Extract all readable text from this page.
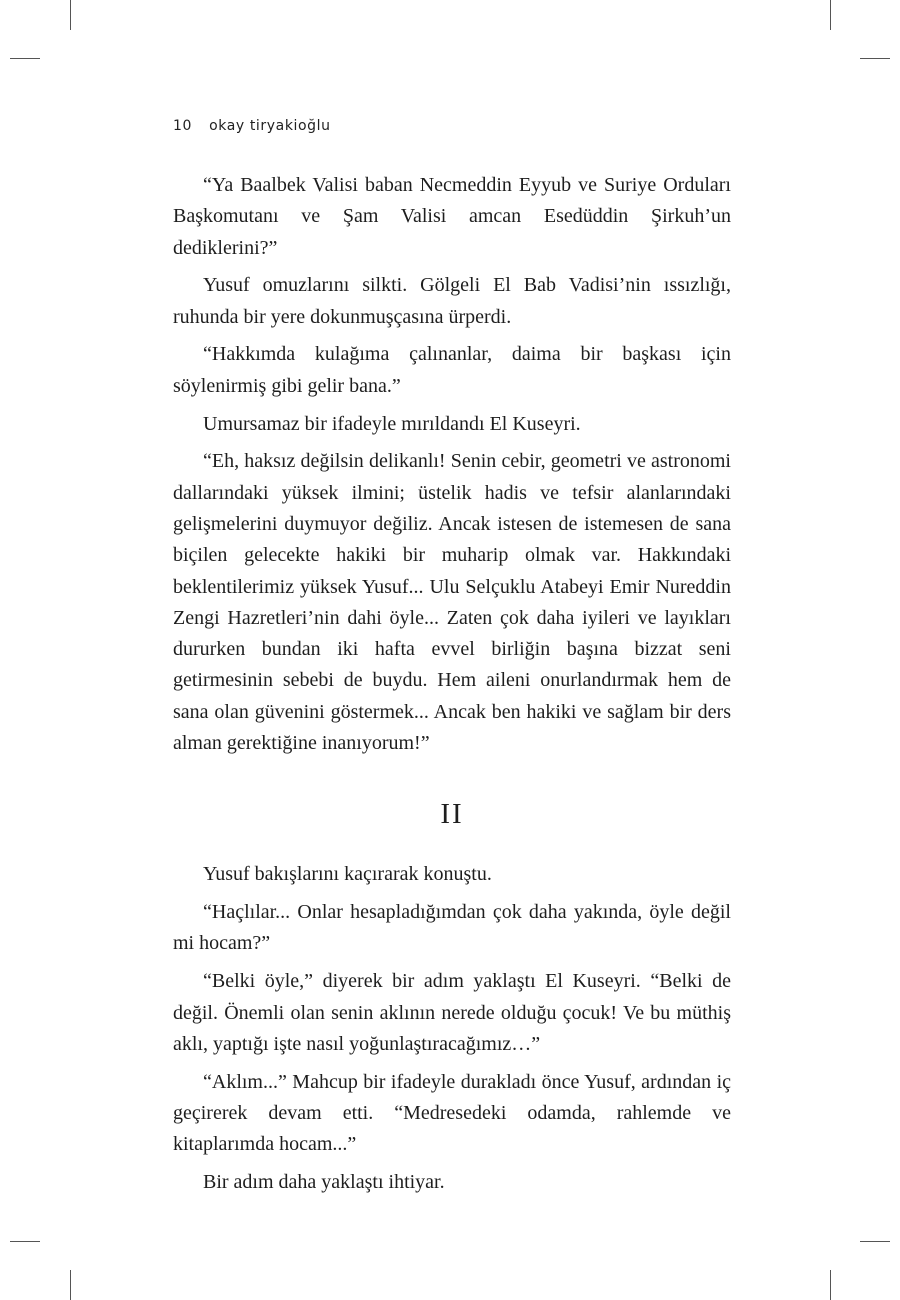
10 okay tiryakioğlu

“Ya Baalbek Valisi baban Necmeddin Eyyub ve Suriye Orduları Başkomutanı ve Şam Valisi amcan Esedüddin Şirkuh’un dediklerini?”

Yusuf omuzlarını silkti. Gölgeli El Bab Vadisi’nin ıssızlığı, ruhunda bir yere dokunmuşçasına ürperdi.

“Hakkımda kulağıma çalınanlar, daima bir başkası için söylenirmiş gibi gelir bana.”

Umursamaz bir ifadeyle mırıldandı El Kuseyri.

“Eh, haksız değilsin delikanlı! Senin cebir, geometri ve astronomi dallarındaki yüksek ilmini; üstelik hadis ve tefsir alanlarındaki gelişmelerini duymuyor değiliz. Ancak istesen de istemesen de sana biçilen gelecekte hakiki bir muharip olmak var. Hakkındaki beklentilerimiz yüksek Yusuf... Ulu Selçuklu Atabeyi Emir Nureddin Zengi Hazretleri’nin dahi öyle... Zaten çok daha iyileri ve layıkları dururken bundan iki hafta evvel birliğin başına bizzat seni getirmesinin sebebi de buydu. Hem aileni onurlandırmak hem de sana olan güvenini göstermek... Ancak ben hakiki ve sağlam bir ders alman gerektiğine inanıyorum!”

II

Yusuf bakışlarını kaçırarak konuştu.

“Haçlılar... Onlar hesapladığımdan çok daha yakında, öyle değil mi hocam?”

“Belki öyle,” diyerek bir adım yaklaştı El Kuseyri. “Belki de değil. Önemli olan senin aklının nerede olduğu çocuk! Ve bu müthiş aklı, yaptığı işte nasıl yoğunlaştıracağımız…”

“Aklım...” Mahcup bir ifadeyle durakladı önce Yusuf, ardından iç geçirerek devam etti. “Medresedeki odamda, rahlemde ve kitaplarımda hocam...”

Bir adım daha yaklaştı ihtiyar.
